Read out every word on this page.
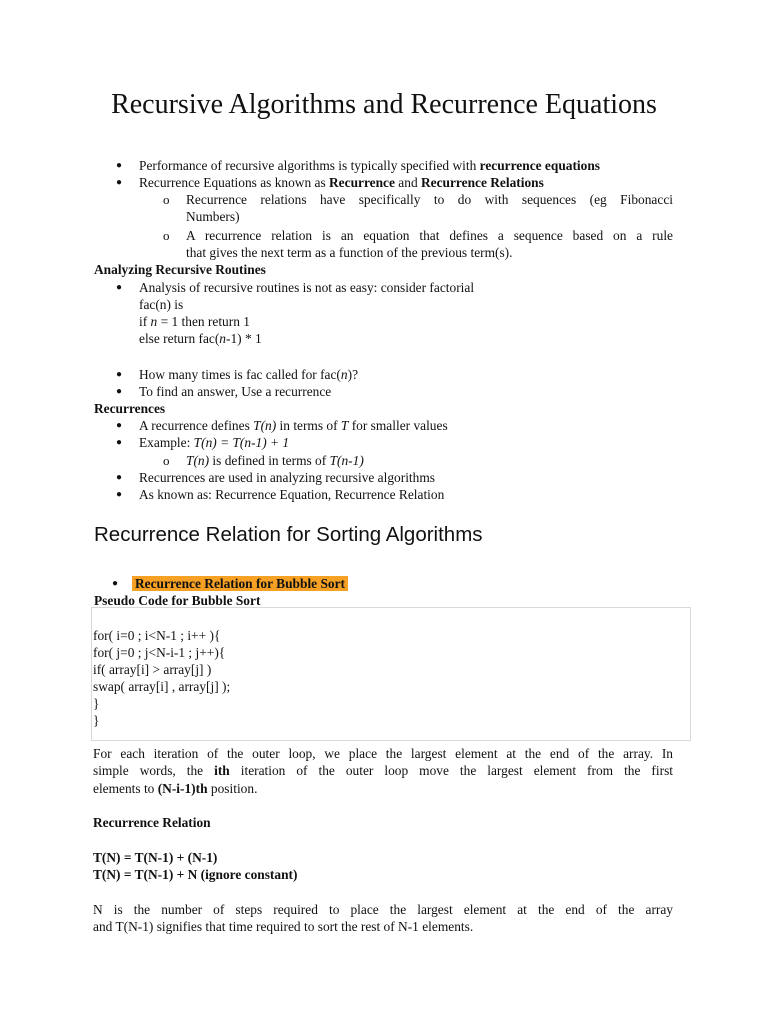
Recursive Algorithms and Recurrence Equations
● Performance of recursive algorithms is typically specified with recurrence equations
● Recurrence Equations as known as Recurrence and Recurrence Relations
o Recurrence relations have specifically to do with sequences (eg Fibonacci
Numbers)
o A recurrence relation is an equation that defines a sequence based on a rule
that gives the next term as a function of the previous term(s).
Analyzing Recursive Routines
● Analysis of recursive routines is not as easy: consider factorial
fac(n) is
if n = 1 then return 1
else return fac(n-1) * 1
● How many times is fac called for fac(n)?
● To find an answer, Use a recurrence
Recurrences
● A recurrence defines T(n) in terms of T for smaller values
● Example: T(n) = T(n-1) + 1
o T(n) is defined in terms of T(n-1)
● Recurrences are used in analyzing recursive algorithms
● As known as: Recurrence Equation, Recurrence Relation
Recurrence Relation for Sorting Algorithms
● Recurrence Relation for Bubble Sort
Pseudo Code for Bubble Sort
for( i=0 ; i<N-1 ; i++ ){
for( j=0 ; j<N-i-1 ; j++){
if( array[i] > array[j] )
swap( array[i] , array[j] );
}
}
For each iteration of the outer loop, we place the largest element at the end of the array. In
simple words, the ith iteration of the outer loop move the largest element from the first
elements to (N-i-1)th position.
Recurrence Relation
T(N) = T(N-1) + (N-1)
T(N) = T(N-1) + N (ignore constant)
N is the number of steps required to place the largest element at the end of the array
and T(N-1) signifies that time required to sort the rest of N-1 elements.
